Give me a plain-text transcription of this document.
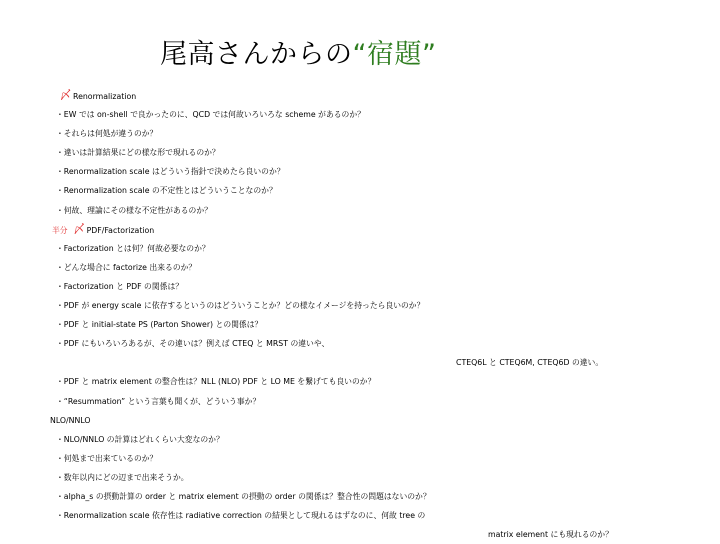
尾高さんからの“宿題”
〆 Renormalization
・EW では on-shell で良かったのに、QCD では何故いろいろな scheme があるのか？
・それらは何処が違うのか？
・違いは計算結果にどの様な形で現れるのか？
・Renormalization scale はどういう指針で決めたら良いのか？
・Renormalization scale の不定性とはどういうことなのか？
・何故、理論にその様な不定性があるのか？
半分 〆 PDF/Factorization
・Factorization とは何？何故必要なのか？
・どんな場合に factorize 出来るのか？
・Factorization と PDF の関係は？
・PDF が energy scale に依存するというのはどういうことか？どの様なイメージを持ったら良いのか？
・PDF と initial-state PS (Parton Shower) との関係は？
・PDF にもいろいろあるが、その違いは？例えば CTEQ と MRST の違いや、
CTEQ6L と CTEQ6M, CTEQ6D の違い。
・PDF と matrix element の整合性は？NLL (NLO) PDF と LO ME を繋げても良いのか？
・“Resummation” という言葉も聞くが、どういう事か？
NLO/NNLO
・NLO/NNLO の計算はどれくらい大変なのか？
・何処まで出来ているのか？
・数年以内にどの辺まで出来そうか。
・alpha_s の摂動計算の order と matrix element の摂動の order の関係は？整合性の問題はないのか？
・Renormalization scale 依存性は radiative correction の結果として現れるはずなのに、何故 tree の
matrix element にも現れるのか？
